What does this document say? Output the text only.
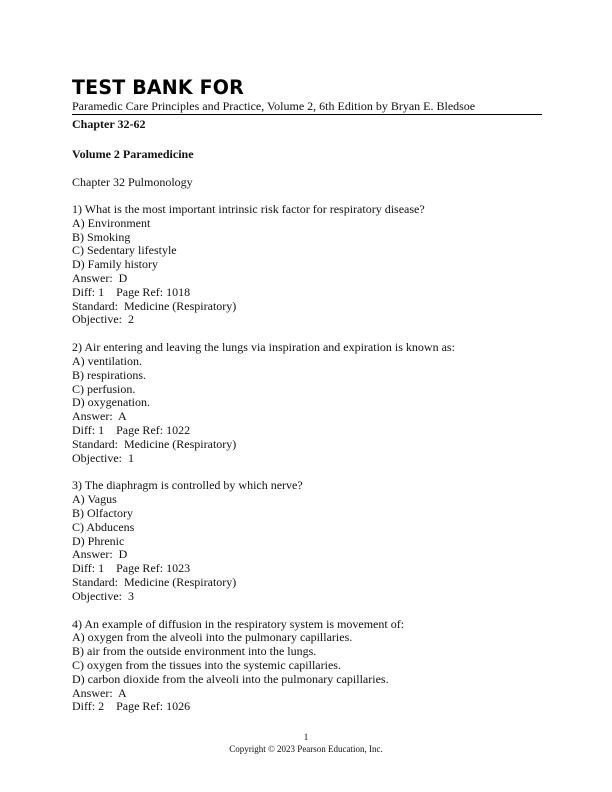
TEST BANK FOR
Paramedic Care Principles and Practice, Volume 2, 6th Edition by Bryan E. Bledsoe
Chapter 32-62
Volume 2 Paramedicine
Chapter 32 Pulmonology
1) What is the most important intrinsic risk factor for respiratory disease?
A) Environment
B) Smoking
C) Sedentary lifestyle
D) Family history
Answer:  D
Diff: 1    Page Ref: 1018
Standard:  Medicine (Respiratory)
Objective:  2
2) Air entering and leaving the lungs via inspiration and expiration is known as:
A) ventilation.
B) respirations.
C) perfusion.
D) oxygenation.
Answer:  A
Diff: 1    Page Ref: 1022
Standard:  Medicine (Respiratory)
Objective:  1
3) The diaphragm is controlled by which nerve?
A) Vagus
B) Olfactory
C) Abducens
D) Phrenic
Answer:  D
Diff: 1    Page Ref: 1023
Standard:  Medicine (Respiratory)
Objective:  3
4) An example of diffusion in the respiratory system is movement of:
A) oxygen from the alveoli into the pulmonary capillaries.
B) air from the outside environment into the lungs.
C) oxygen from the tissues into the systemic capillaries.
D) carbon dioxide from the alveoli into the pulmonary capillaries.
Answer:  A
Diff: 2    Page Ref: 1026
1
Copyright © 2023 Pearson Education, Inc.
